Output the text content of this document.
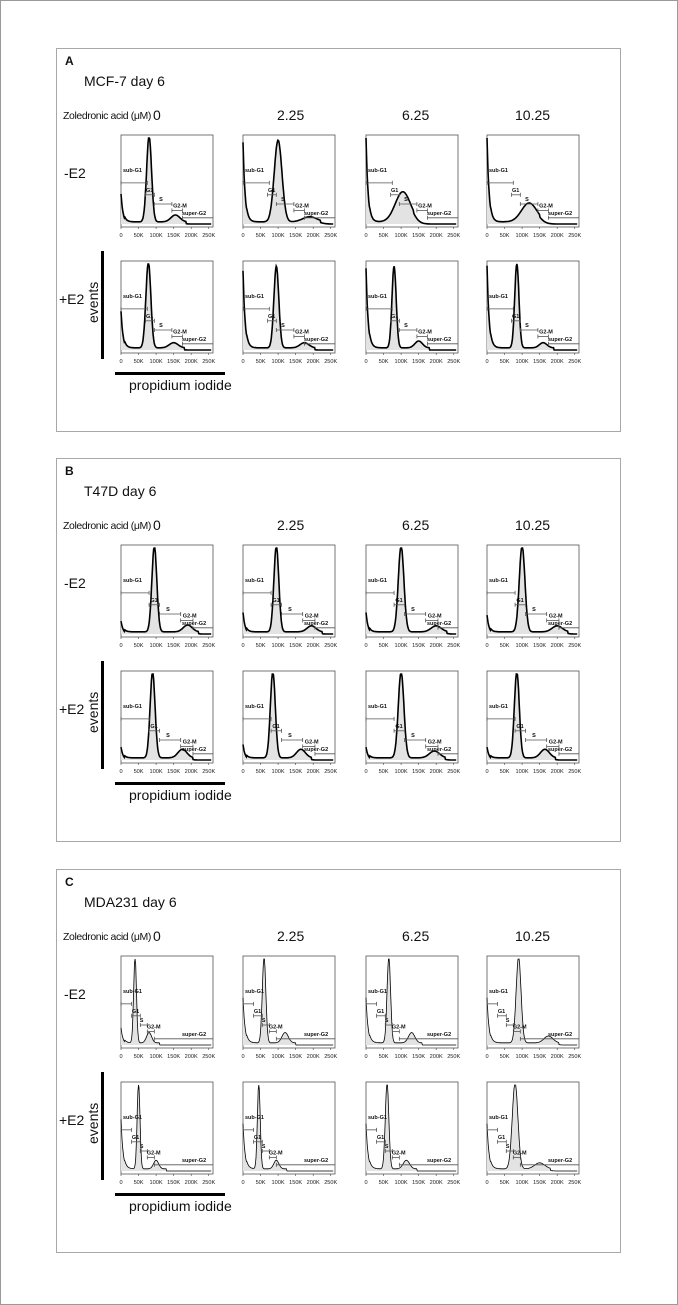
A
MCF-7 day 6
Zoledronic acid (μM) 0	2.25	6.25	10.25
-E2
+E2 events
propidium iodide
sub-G1
G1
S
G2-M
super-G2
0 50K 100K 150K 200K 250K
sub-G1
G1
S
G2-M
super-G2
0 50K 100K 150K 200K 250K
sub-G1
G1
S
G2-M
super-G2
0 50K 100K 150K 200K 250K
sub-G1
G1
S
G2-M
super-G2
0 50K 100K 150K 200K 250K
sub-G1
G1
S
G2-M
super-G2
0 50K 100K 150K 200K 250K
sub-G1
G1
S
G2-M
super-G2
0 50K 100K 150K 200K 250K
sub-G1
G1
S
G2-M
super-G2
0 50K 100K 150K 200K 250K
sub-G1
G1
S
G2-M
super-G2
0 50K 100K 150K 200K 250K
B
T47D day 6
Zoledronic acid (μM) 0	2.25	6.25	10.25
-E2
+E2 events
propidium iodide
sub-G1
G1
S
G2-M
super-G2
0 50K 100K 150K 200K 250K
sub-G1
G1
S
G2-M
super-G2
0 50K 100K 150K 200K 250K
sub-G1
G1
S
G2-M
super-G2
0 50K 100K 150K 200K 250K
sub-G1
G1
S
G2-M
super-G2
0 50K 100K 150K 200K 250K
sub-G1
G1
S
G2-M
super-G2
0 50K 100K 150K 200K 250K
sub-G1
G1
S
G2-M
super-G2
0 50K 100K 150K 200K 250K
sub-G1
G1
S
G2-M
super-G2
0 50K 100K 150K 200K 250K
sub-G1
G1
S
G2-M
super-G2
0 50K 100K 150K 200K 250K
C
MDA231 day 6
Zoledronic acid (μM) 0	2.25	6.25	10.25
-E2
+E2 events
propidium iodide
sub-G1
G1
S
G2-M
super-G2
0 50K 100K 150K 200K 250K
sub-G1
G1
S
G2-M
super-G2
0 50K 100K 150K 200K 250K
sub-G1
G1
S
G2-M
super-G2
0 50K 100K 150K 200K 250K
sub-G1
G1
S
G2-M
super-G2
0 50K 100K 150K 200K 250K
sub-G1
G1
S
G2-M
super-G2
0 50K 100K 150K 200K 250K
sub-G1
G1
S
G2-M
super-G2
0 50K 100K 150K 200K 250K
sub-G1
G1
S
G2-M
super-G2
0 50K 100K 150K 200K 250K
sub-G1
G1
S
G2-M
super-G2
0 50K 100K 150K 200K 250K
